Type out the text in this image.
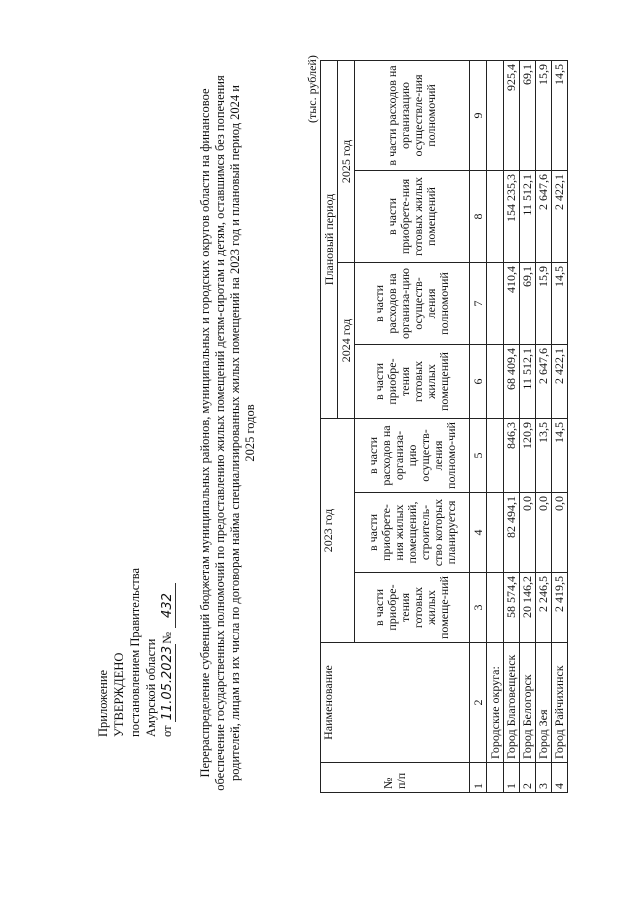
Приложение УТВЕРЖДЕНО постановлением Правительства Амурской области от 11.05.2023№432 Перераспределение субвенций бюджетам муниципальных районов, муниципальных и городских округов области на финансовое обеспечение государственных полномочий по предоставлению жилых помещений детям-сиротам и детям, оставшимся без попечения родителей, лицам из их числа по договорам найма специализированных жилых помещений на 2023 год и плановый период 2024 и 2025 годов
(тыс. рублей)
№ п/п	Наименование	2023 год			Плановый период			
					2024 год		2025 год	
		в части приобре-тения готовых жилых помеще-ний	в части приобрете-ния жилых помещений, строитель-ство которых планируется	в части расходов на организа-цию осуществ-ления полномо-чий	в части приобре-тения готовых жилых помещений	в части расходов на организа-цию осуществ-ления полномочий	в части приобрете-ния готовых жилых помещений	в части расходов на организацию осуществле-ния полномочий
1	2	3	4	5	6	7	8	9
	Городские округа:							
1	Город Благовещенск	58 574,4	82 494,1	846,3	68 409,4	410,4	154 235,3	925,4
2	Город Белогорск	20 146,2	0,0	120,9	11 512,1	69,1	11 512,1	69,1
3	Город Зея	2 246,5	0,0	13,5	2 647,6	15,9	2 647,6	15,9
4	Город Райчихинск	2 419,5	0,0	14,5	2 422,1	14,5	2 422,1	14,5
